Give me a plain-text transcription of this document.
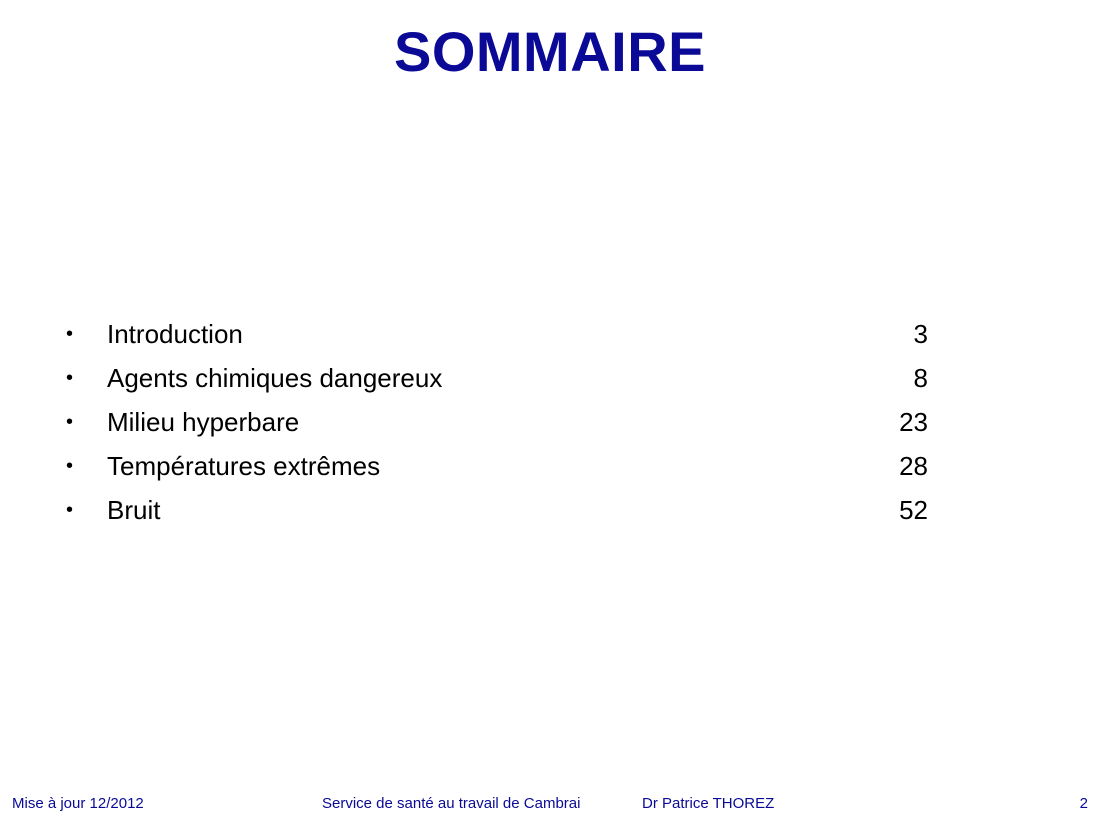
SOMMAIRE
• Introduction	3
• Agents chimiques dangereux	8
• Milieu hyperbare	23
• Températures extrêmes	28
• Bruit	52
Mise à jour 12/2012	Service de santé au travail de Cambrai	Dr Patrice THOREZ	2
